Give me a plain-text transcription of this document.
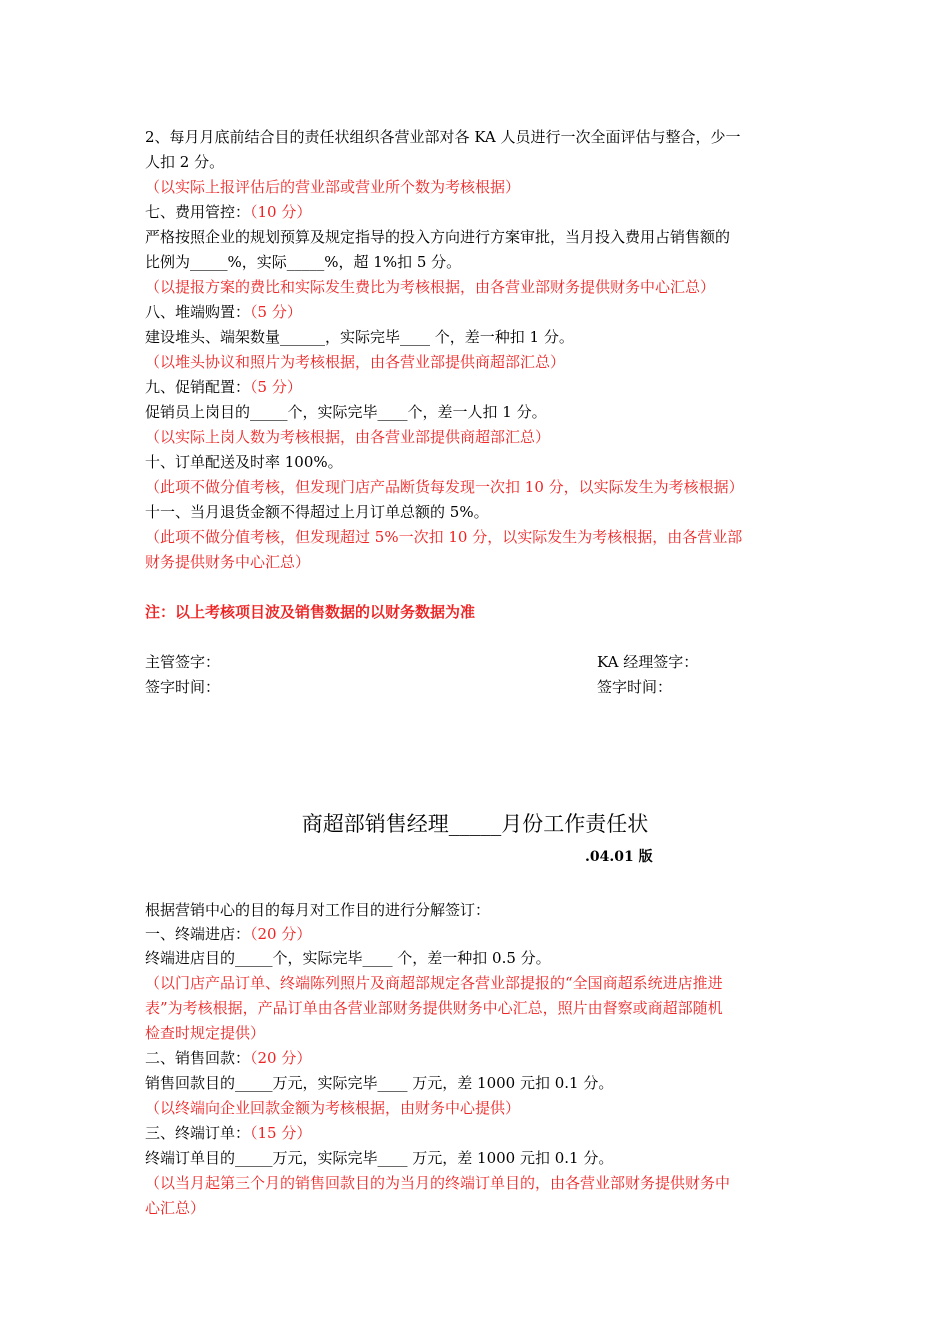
2、每月月底前结合目的责任状组织各营业部对各 KA 人员进行一次全面评估与整合，少一
人扣 2 分。
（以实际上报评估后的营业部或营业所个数为考核根据）
七、费用管控：（10 分）
严格按照企业的规划预算及规定指导的投入方向进行方案审批，当月投入费用占销售额的
比例为_____%，实际_____%，超 1%扣 5 分。
（以提报方案的费比和实际发生费比为考核根据，由各营业部财务提供财务中心汇总）
八、堆端购置：（5 分）
建设堆头、端架数量______，实际完毕____ 个，差一种扣 1 分。
（以堆头协议和照片为考核根据，由各营业部提供商超部汇总）
九、促销配置：（5 分）
促销员上岗目的_____个，实际完毕____个，差一人扣 1 分。
（以实际上岗人数为考核根据，由各营业部提供商超部汇总）
十、订单配送及时率 100%。
（此项不做分值考核，但发现门店产品断货每发现一次扣 10 分，以实际发生为考核根据）
十一、当月退货金额不得超过上月订单总额的 5%。
（此项不做分值考核，但发现超过 5%一次扣 10 分，以实际发生为考核根据，由各营业部
财务提供财务中心汇总）
注：以上考核项目波及销售数据的以财务数据为准
主管签字：	KA 经理签字：
签字时间：	签字时间：
商超部销售经理_____月份工作责任状
.04.01 版
根据营销中心的目的每月对工作目的进行分解签订：
一、终端进店：（20 分）
终端进店目的_____个，实际完毕____ 个，差一种扣 0.5 分。
（以门店产品订单、终端陈列照片及商超部规定各营业部提报的“全国商超系统进店推进
表”为考核根据，产品订单由各营业部财务提供财务中心汇总，照片由督察或商超部随机
检查时规定提供）
二、销售回款：（20 分）
销售回款目的_____万元，实际完毕____ 万元，差 1000 元扣 0.1 分。
（以终端向企业回款金额为考核根据，由财务中心提供）
三、终端订单：（15 分）
终端订单目的_____万元，实际完毕____ 万元，差 1000 元扣 0.1 分。
（以当月起第三个月的销售回款目的为当月的终端订单目的，由各营业部财务提供财务中
心汇总）
